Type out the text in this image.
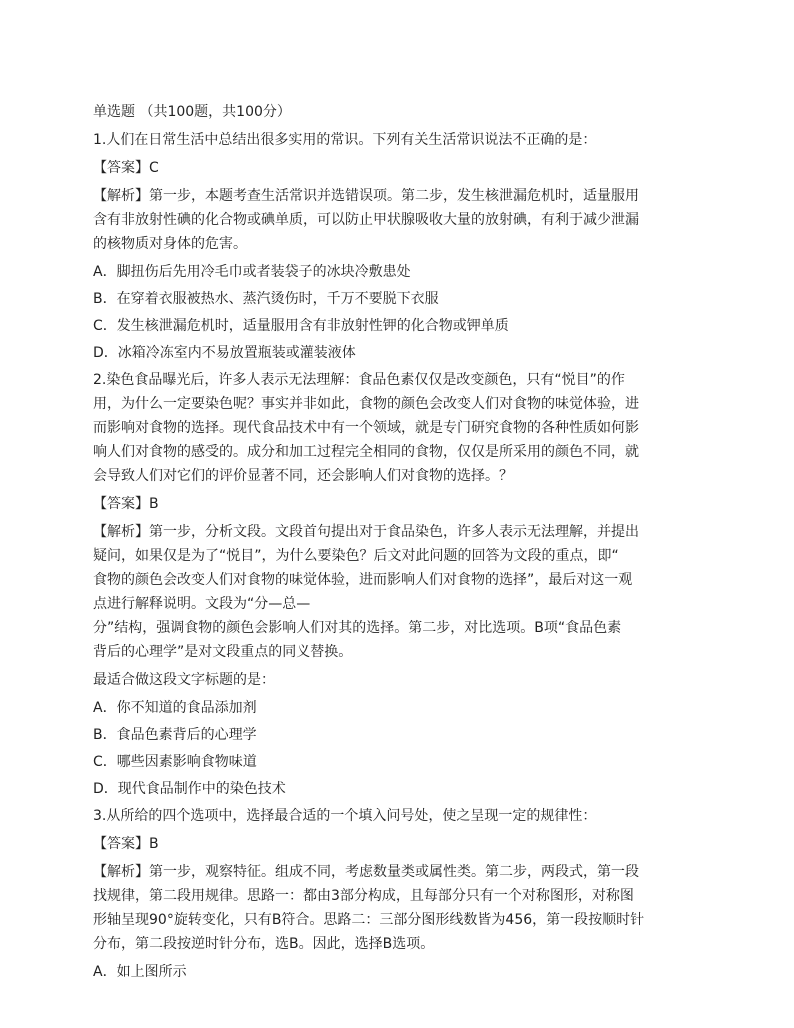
单选题 （共100题，共100分）
1.人们在日常生活中总结出很多实用的常识。下列有关生活常识说法不正确的是：
【答案】C
【解析】第一步，本题考查生活常识并选错误项。第二步，发生核泄漏危机时，适量服用
含有非放射性碘的化合物或碘单质，可以防止甲状腺吸收大量的放射碘，有利于减少泄漏
的核物质对身体的危害。
A．脚扭伤后先用冷毛巾或者装袋子的冰块冷敷患处
B．在穿着衣服被热水、蒸汽烫伤时，千万不要脱下衣服
C．发生核泄漏危机时，适量服用含有非放射性钾的化合物或钾单质
D．冰箱冷冻室内不易放置瓶装或灌装液体
2.染色食品曝光后，许多人表示无法理解：食品色素仅仅是改变颜色，只有“悦目”的作
用，为什么一定要染色呢？事实并非如此，食物的颜色会改变人们对食物的味觉体验，进
而影响对食物的选择。现代食品技术中有一个领域，就是专门研究食物的各种性质如何影
响人们对食物的感受的。成分和加工过程完全相同的食物，仅仅是所采用的颜色不同，就
会导致人们对它们的评价显著不同，还会影响人们对食物的选择。？
【答案】B
【解析】第一步，分析文段。文段首句提出对于食品染色，许多人表示无法理解，并提出
疑问，如果仅是为了“悦目”，为什么要染色？后文对此问题的回答为文段的重点，即“
食物的颜色会改变人们对食物的味觉体验，进而影响人们对食物的选择”，最后对这一观
点进行解释说明。文段为“分—总—
分”结构，强调食物的颜色会影响人们对其的选择。第二步，对比选项。B项“食品色素
背后的心理学”是对文段重点的同义替换。
最适合做这段文字标题的是：
A．你不知道的食品添加剂
B．食品色素背后的心理学
C．哪些因素影响食物味道
D．现代食品制作中的染色技术
3.从所给的四个选项中，选择最合适的一个填入问号处，使之呈现一定的规律性：
【答案】B
【解析】第一步，观察特征。组成不同，考虑数量类或属性类。第二步，两段式，第一段
找规律，第二段用规律。思路一：都由3部分构成，且每部分只有一个对称图形，对称图
形轴呈现90°旋转变化，只有B符合。思路二：三部分图形线数皆为456，第一段按顺时针
分布，第二段按逆时针分布，选B。因此，选择B选项。
A．如上图所示
